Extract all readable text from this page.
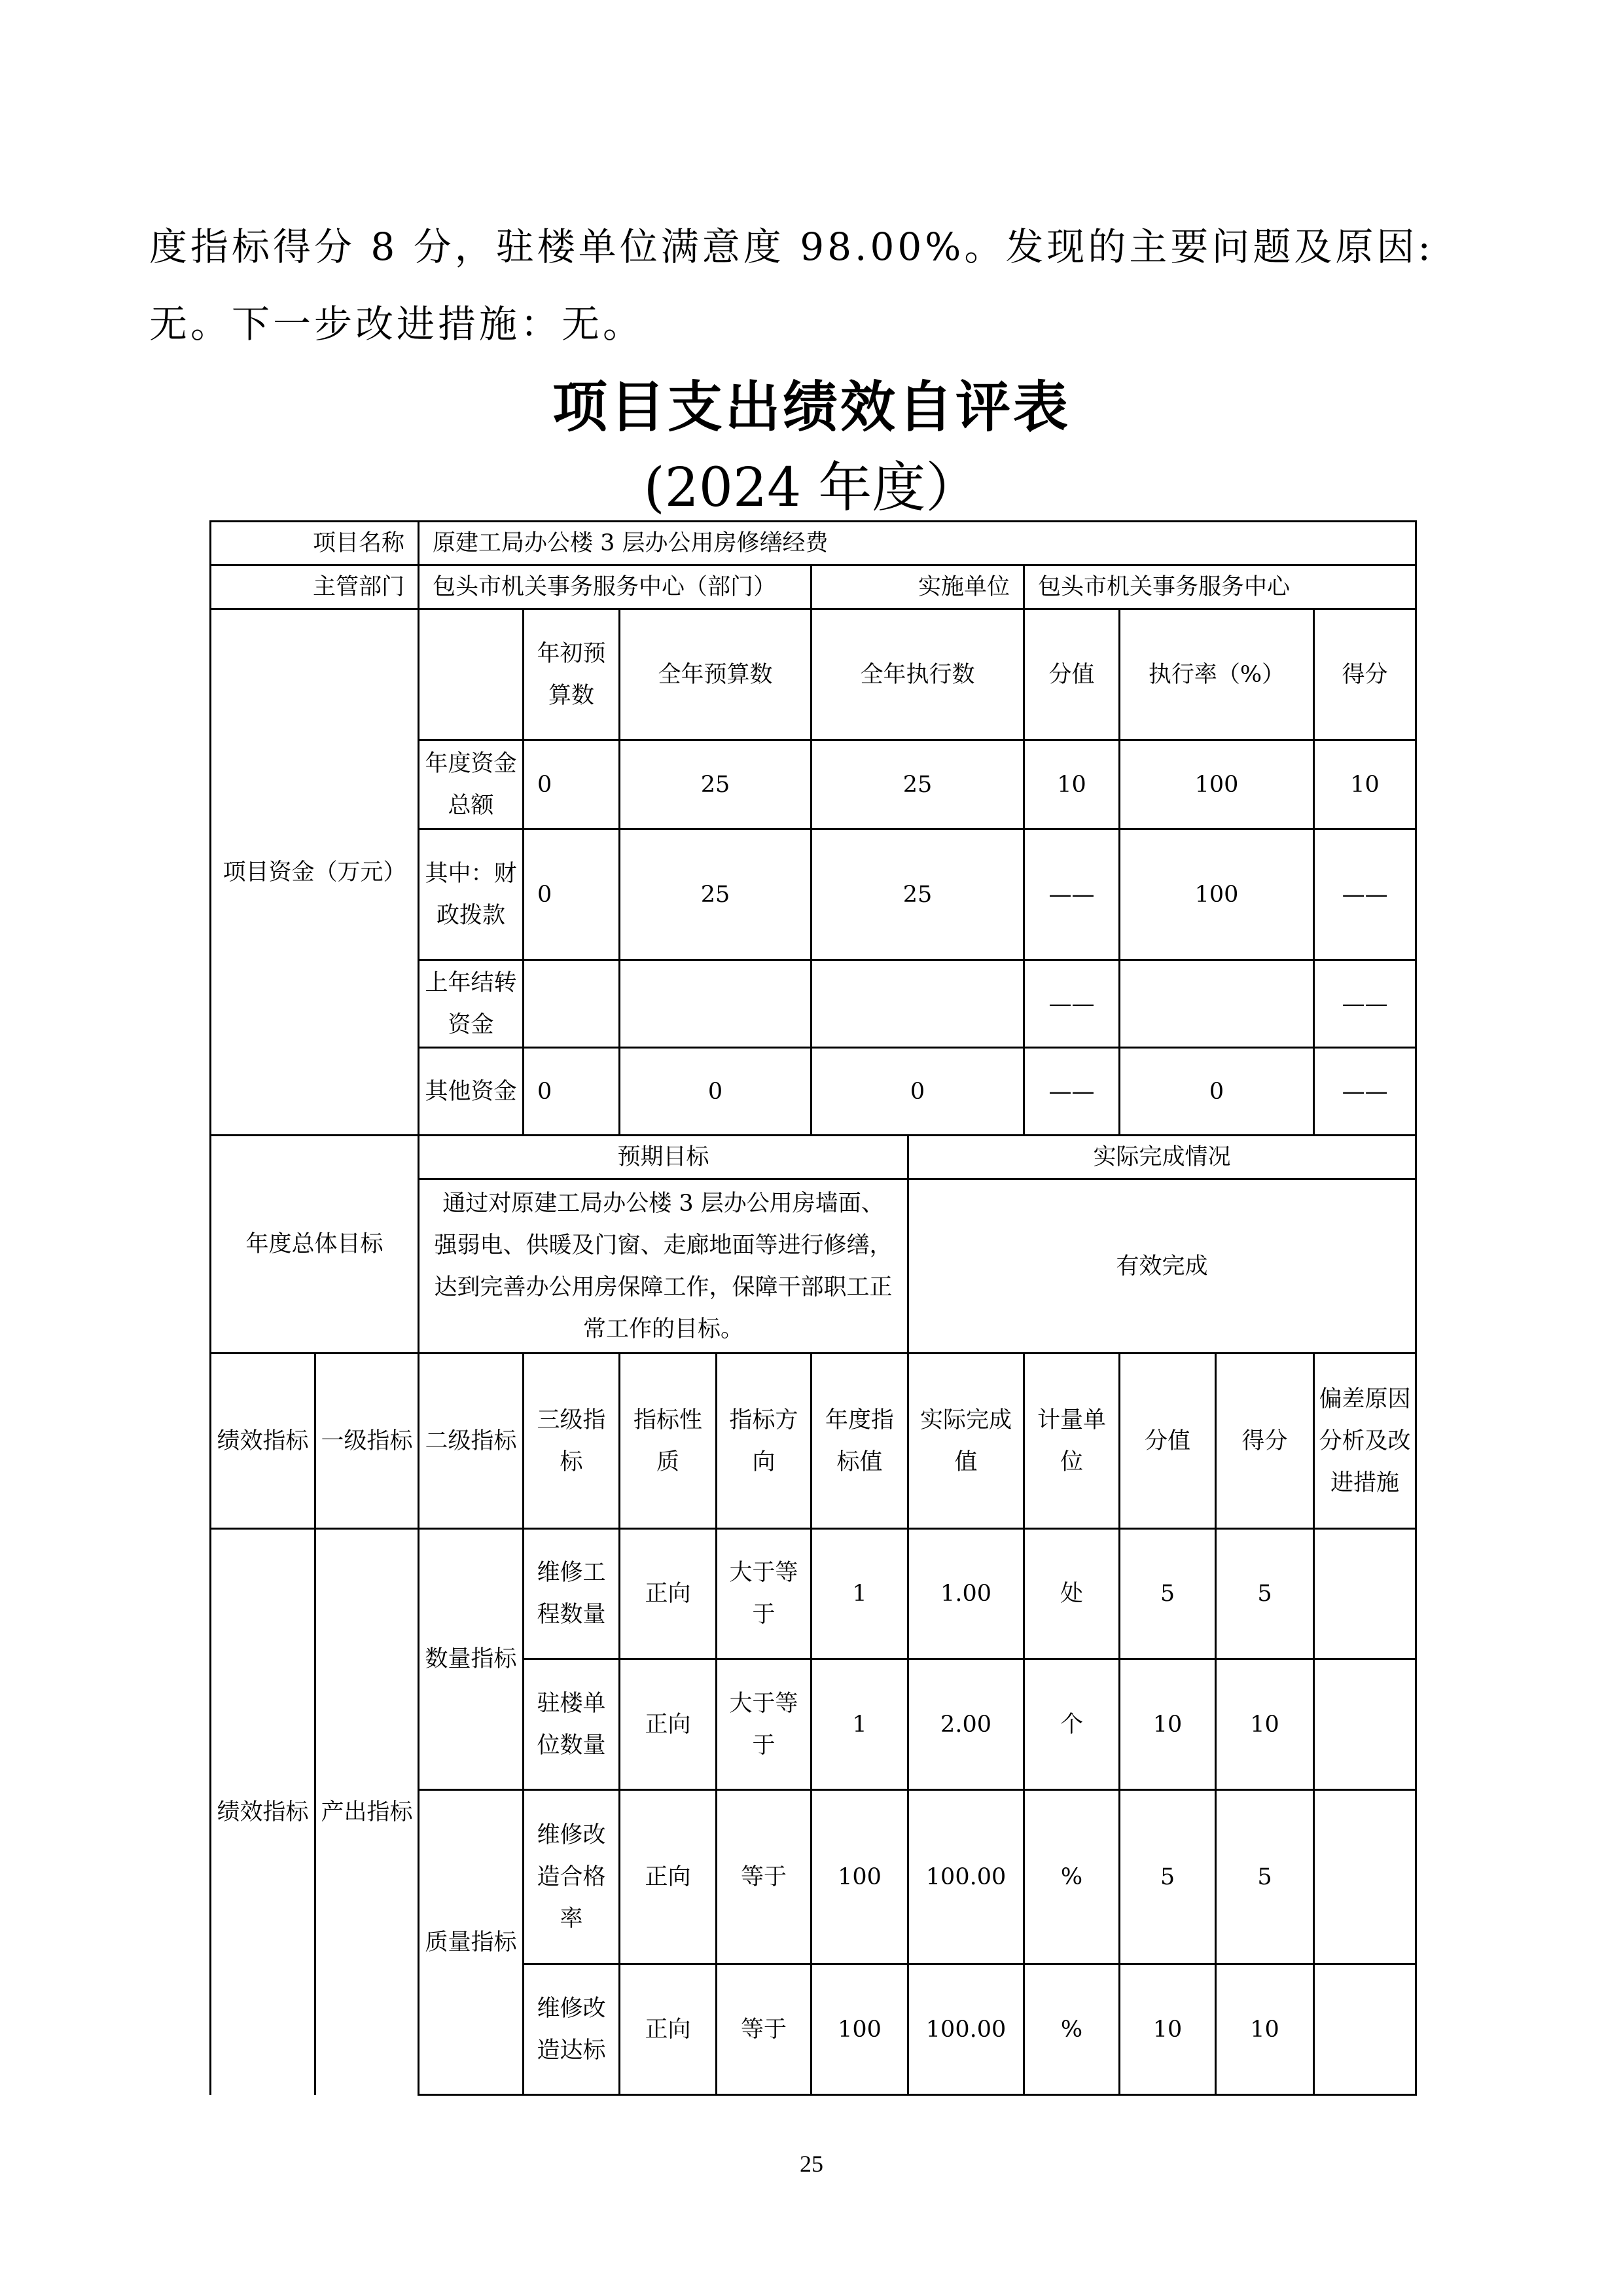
度指标得分 8 分，驻楼单位满意度 98.00%。发现的主要问题及原因:

无。下一步改进措施：无。

项目支出绩效自评表
(2024 年度）
项目名称		原建工局办公楼 3 层办公用房修缮经费									
主管部门		包头市机关事务服务中心（部门）				实施单位		包头市机关事务服务中心			
项目资金（万元）			年初预算数	全年预算数		全年执行数		分值	执行率（%）		得分
		年度资金总额	0	25		25		10	100		10
		其中：财政拨款	0	25		25		——	100		——
		上年结转资金						——			——
		其他资金	0	0		0		——	0		——
年度总体目标		预期目标					实际完成情况				
		通过对原建工局办公楼 3 层办公用房墙面、强弱电、供暖及门窗、走廊地面等进行修缮，达到完善办公用房保障工作，保障干部职工正常工作的目标。					有效完成				
绩效指标	一级指标	二级指标	三级指标	指标性质	指标方向	年度指标值	实际完成值	计量单位	分值	得分	偏差原因分析及改进措施
绩效指标	产出指标	数量指标	维修工程数量	正向	大于等于	1	1.00	处	5	5	
			驻楼单位数量	正向	大于等于	1	2.00	个	10	10	
		质量指标	维修改造合格率	正向	等于	100	100.00	%	5	5	
			维修改造达标	正向	等于	100	100.00	%	10	10	
25
